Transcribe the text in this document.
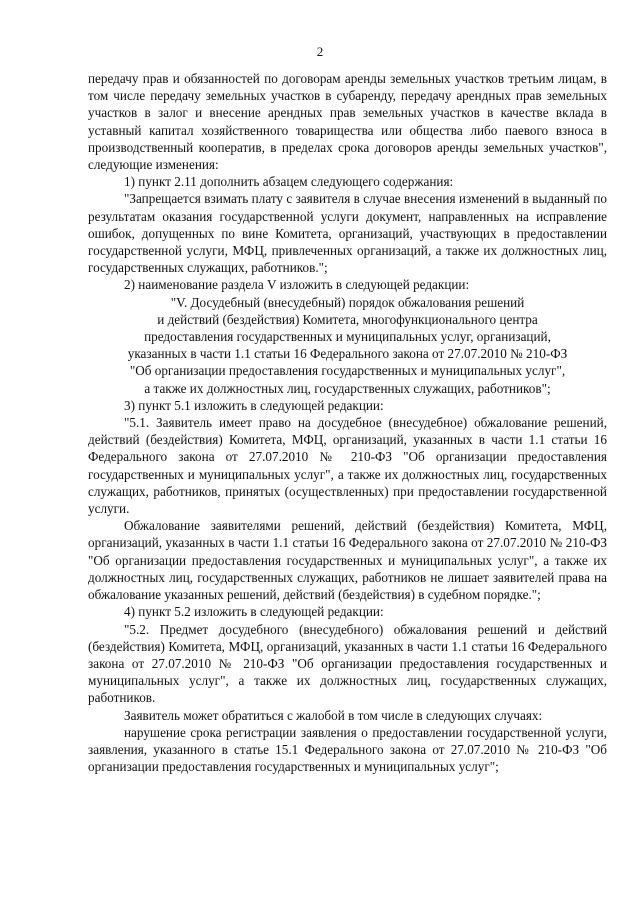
2

передачу прав и обязанностей по договорам аренды земельных участков третьим лицам, в том числе передачу земельных участков в субаренду, передачу арендных прав земельных участков в залог и внесение арендных прав земельных участков в качестве вклада в уставный капитал хозяйственного товарищества или общества либо паевого взноса в производственный кооператив, в пределах срока договоров аренды земельных участков", следующие изменения:

1) пункт 2.11 дополнить абзацем следующего содержания:

"Запрещается взимать плату с заявителя в случае внесения изменений в выданный по результатам оказания государственной услуги документ, направленных на исправление ошибок, допущенных по вине Комитета, организаций, участвующих в предоставлении государственной услуги, МФЦ, привлеченных организаций, а также их должностных лиц, государственных служащих, работников.";

2) наименование раздела V изложить в следующей редакции:

"V. Досудебный (внесудебный) порядок обжалования решений

и действий (бездействия) Комитета, многофункционального центра

предоставления государственных и муниципальных услуг, организаций,

указанных в части 1.1 статьи 16 Федерального закона от 27.07.2010 № 210-ФЗ

"Об организации предоставления государственных и муниципальных услуг",

а также их должностных лиц, государственных служащих, работников";

3) пункт 5.1 изложить в следующей редакции:

"5.1. Заявитель имеет право на досудебное (внесудебное) обжалование решений, действий (бездействия) Комитета, МФЦ, организаций, указанных в части 1.1 статьи 16 Федерального закона от 27.07.2010 № 210-ФЗ "Об организации предоставления государственных и муниципальных услуг", а также их должностных лиц, государственных служащих, работников, принятых (осуществленных) при предоставлении государственной услуги.

Обжалование заявителями решений, действий (бездействия) Комитета, МФЦ, организаций, указанных в части 1.1 статьи 16 Федерального закона от 27.07.2010 № 210-ФЗ "Об организации предоставления государственных и муниципальных услуг", а также их должностных лиц, государственных служащих, работников не лишает заявителей права на обжалование указанных решений, действий (бездействия) в судебном порядке.";

4) пункт 5.2 изложить в следующей редакции:

"5.2. Предмет досудебного (внесудебного) обжалования решений и действий (бездействия) Комитета, МФЦ, организаций, указанных в части 1.1 статьи 16 Федерального закона от 27.07.2010 № 210-ФЗ "Об организации предоставления государственных и муниципальных услуг", а также их должностных лиц, государственных служащих, работников.

Заявитель может обратиться с жалобой в том числе в следующих случаях:

нарушение срока регистрации заявления о предоставлении государственной услуги, заявления, указанного в статье 15.1 Федерального закона от 27.07.2010 № 210-ФЗ "Об организации предоставления государственных и муниципальных услуг";
